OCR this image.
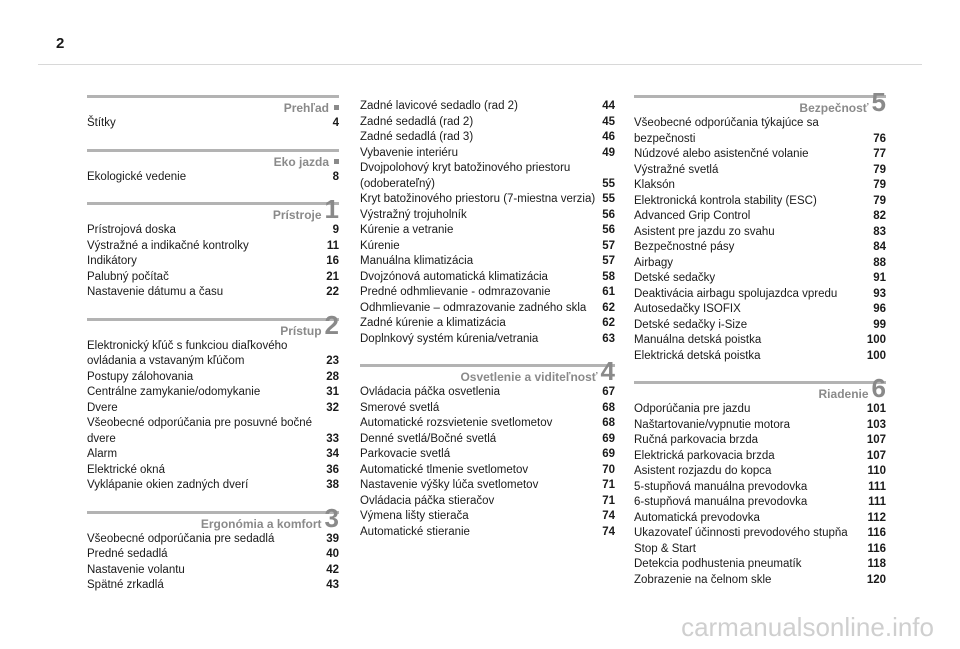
2
Prehľad
Štítky	4
Eko jazda
Ekologické vedenie	8
Prístroje 1
Prístrojová doska	9
Výstražné a indikačné kontrolky	11
Indikátory	16
Palubný počítač	21
Nastavenie dátumu a času	22
Prístup 2
Elektronický kľúč s funkciou diaľkového ovládania a vstavaným kľúčom	23
Postupy zálohovania	28
Centrálne zamykanie/odomykanie	31
Dvere	32
Všeobecné odporúčania pre posuvné bočné dvere	33
Alarm	34
Elektrické okná	36
Vyklápanie okien zadných dverí	38
Ergonómia a komfort 3
Všeobecné odporúčania pre sedadlá	39
Predné sedadlá	40
Nastavenie volantu	42
Spätné zrkadlá	43
Zadné lavicové sedadlo (rad 2)	44
Zadné sedadlá (rad 2)	45
Zadné sedadlá (rad 3)	46
Vybavenie interiéru	49
Dvojpolohový kryt batožinového priestoru (odoberateľný)	55
Kryt batožinového priestoru (7-miestna verzia) 55
Výstražný trojuholník	56
Kúrenie a vetranie	56
Kúrenie	57
Manuálna klimatizácia	57
Dvojzónová automatická klimatizácia	58
Predné odhmlievanie - odmrazovanie	61
Odhmlievanie – odmrazovanie zadného skla	62
Zadné kúrenie a klimatizácia	62
Doplnkový systém kúrenia/vetrania	63
Osvetlenie a viditeľnosť 4
Ovládacia páčka osvetlenia	67
Smerové svetlá	68
Automatické rozsvietenie svetlometov	68
Denné svetlá/Bočné svetlá	69
Parkovacie svetlá	69
Automatické tlmenie svetlometov	70
Nastavenie výšky lúča svetlometov	71
Ovládacia páčka stieračov	71
Výmena lišty stierača	74
Automatické stieranie	74
Bezpečnosť 5
Všeobecné odporúčania týkajúce sa bezpečnosti	76
Núdzové alebo asistenčné volanie	77
Výstražné svetlá	79
Klaksón	79
Elektronická kontrola stability (ESC)	79
Advanced Grip Control	82
Asistent pre jazdu zo svahu	83
Bezpečnostné pásy	84
Airbagy	88
Detské sedačky	91
Deaktivácia airbagu spolujazdca vpredu	93
Autosedačky ISOFIX	96
Detské sedačky i-Size	99
Manuálna detská poistka	100
Elektrická detská poistka	100
Riadenie 6
Odporúčania pre jazdu	101
Naštartovanie/vypnutie motora	103
Ručná parkovacia brzda	107
Elektrická parkovacia brzda	107
Asistent rozjazdu do kopca	110
5-stupňová manuálna prevodovka	111
6-stupňová manuálna prevodovka	111
Automatická prevodovka	112
Ukazovateľ účinnosti prevodového stupňa	116
Stop & Start	116
Detekcia podhustenia pneumatík	118
Zobrazenie na čelnom skle	120
carmanualsonline.info
